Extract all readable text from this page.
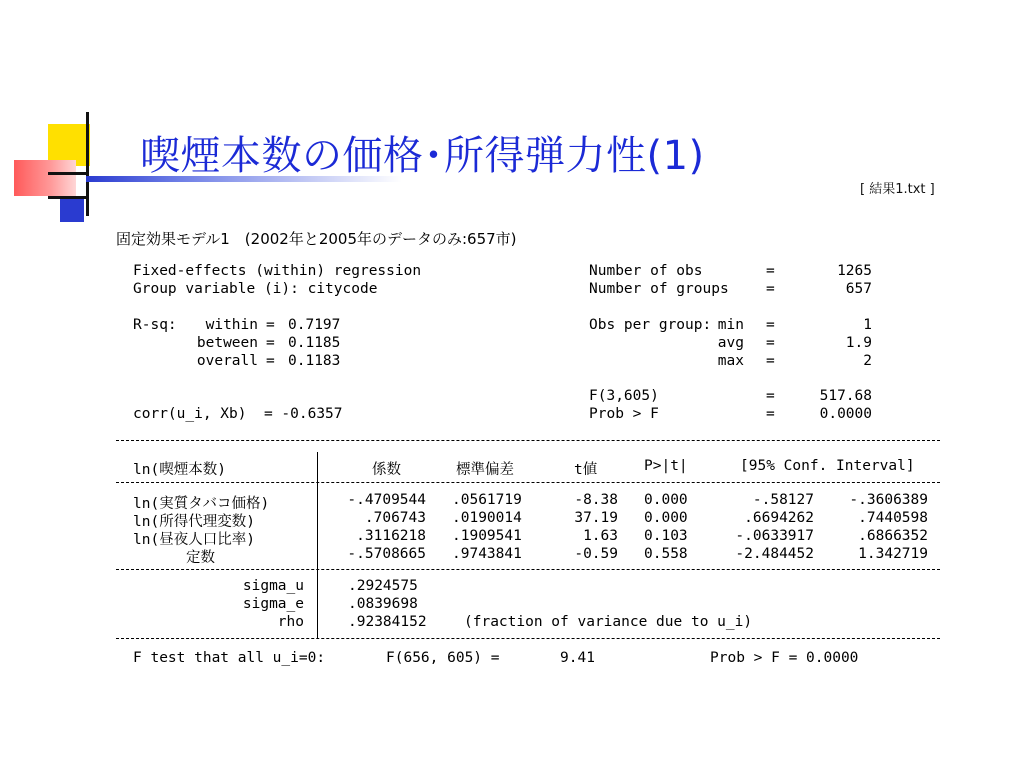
喫煙本数の価格･所得弾力性(1)
[ 結果1.txt ]
固定効果モデル1　(2002年と2005年のデータのみ:657市)
Fixed-effects (within) regression
Group variable (i): citycode
Number of obs	=	1265
Number of groups	=	657
R-sq:	within = 0.7197
between = 0.1185
overall = 0.1183
Obs per group: min =	1
avg =	1.9
max =	2
F(3,605)	=	517.68
Prob > F	=	0.0000
corr(u_i, Xb)  = -0.6357
ln(喫煙本数)	係数	標準偏差	t値	P>|t|	[95% Conf. Interval]
ln(実質タバコ価格)	-.4709544 .0561719	-8.38 0.000	-.58127	-.3606389
ln(所得代理変数)	.706743 .0190014	37.19 0.000	.6694262	.7440598
ln(昼夜人口比率)	.3116218 .1909541	1.63 0.103	-.0633917	.6866352
定数	-.5708665 .9743841	-0.59 0.558	-2.484452	1.342719
sigma_u	.2924575
sigma_e	.0839698
rho	.92384152	(fraction of variance due to u_i)
F test that all u_i=0:	F(656, 605) =	9.41	Prob > F = 0.0000
